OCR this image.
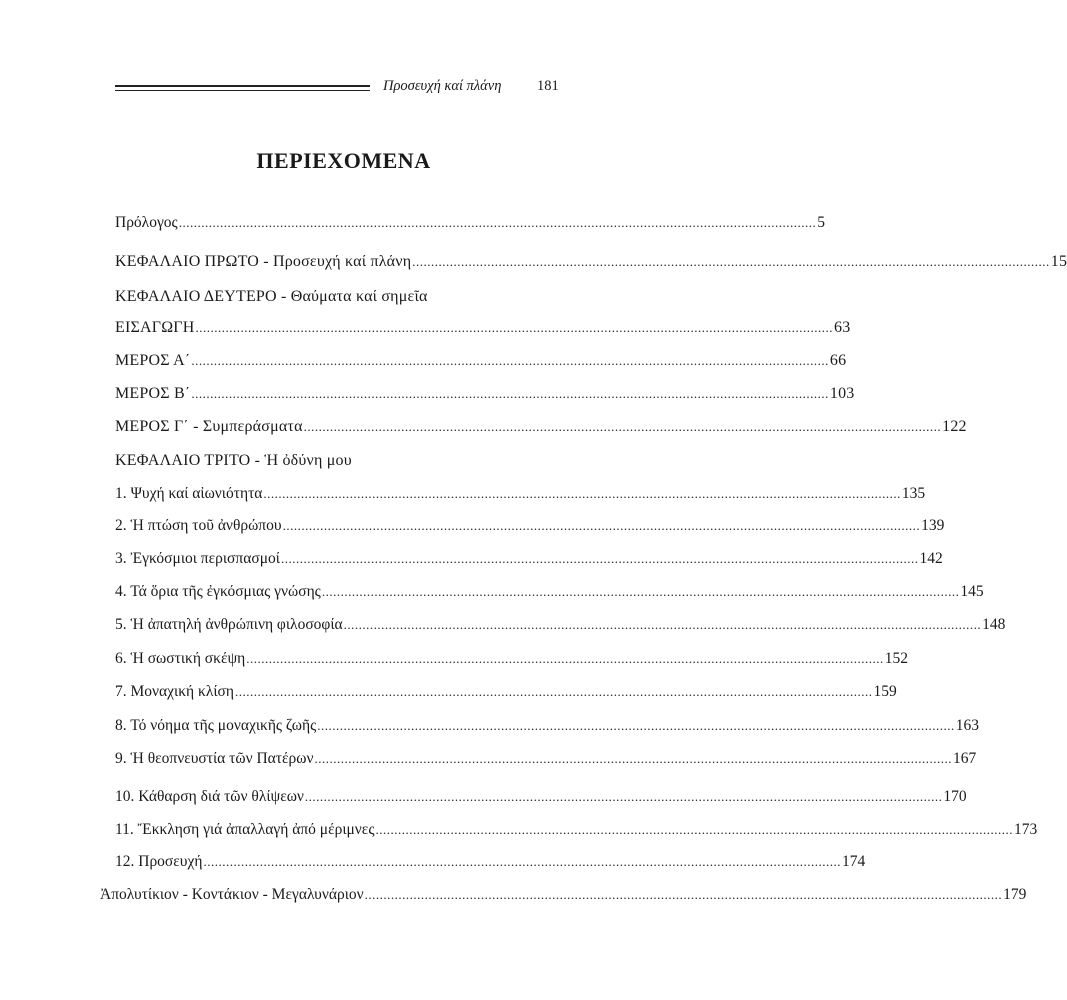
Προσευχή καί πλάνη 181
ΠΕΡΙΕΧΟΜΕΝΑ
Πρόλογος .......................................................................................................................................................................... 5
ΚΕΦΑΛΑΙΟ ΠΡΩΤΟ - Προσευχή καί πλάνη .......................................................................................................................................................................... 15
ΚΕΦΑΛΑΙΟ ΔΕΥΤΕΡΟ - Θαύματα καί σημεῖα
ΕΙΣΑΓΩΓΗ .......................................................................................................................................................................... 63
ΜΕΡΟΣ Α΄ .......................................................................................................................................................................... 66
ΜΕΡΟΣ Β΄ .......................................................................................................................................................................... 103
ΜΕΡΟΣ Γ΄ - Συμπεράσματα .......................................................................................................................................................................... 122
ΚΕΦΑΛΑΙΟ ΤΡΙΤΟ - Ἡ ὀδύνη μου
1. Ψυχή καί αἰωνιότητα .......................................................................................................................................................................... 135
2. Ἡ πτώση τοῦ ἀνθρώπου .......................................................................................................................................................................... 139
3. Ἐγκόσμιοι περισπασμοί .......................................................................................................................................................................... 142
4. Τά ὅρια τῆς ἐγκόσμιας γνώσης .......................................................................................................................................................................... 145
5. Ἡ ἀπατηλή ἀνθρώπινη φιλοσοφία .......................................................................................................................................................................... 148
6. Ἡ σωστική σκέψη .......................................................................................................................................................................... 152
7. Μοναχική κλίση .......................................................................................................................................................................... 159
8. Τό νόημα τῆς μοναχικῆς ζωῆς .......................................................................................................................................................................... 163
9. Ἡ θεοπνευστία τῶν Πατέρων .......................................................................................................................................................................... 167
10. Κάθαρση διά τῶν θλίψεων .......................................................................................................................................................................... 170
11. Ἔκκληση γιά ἀπαλλαγή ἀπό μέριμνες .......................................................................................................................................................................... 173
12. Προσευχή .......................................................................................................................................................................... 174
Ἀπολυτίκιον - Κοντάκιον - Μεγαλυνάριον .......................................................................................................................................................................... 179
